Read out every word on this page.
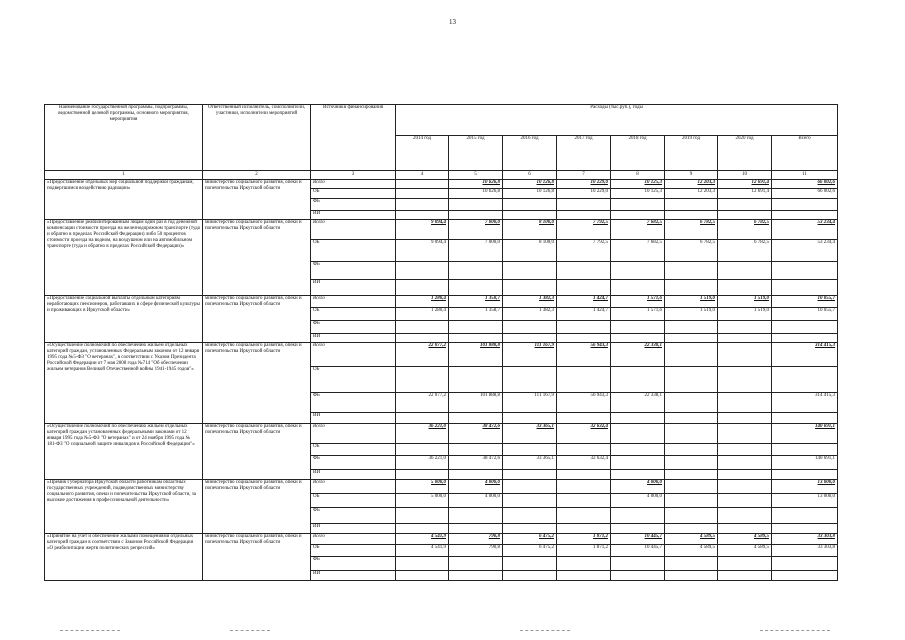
13
Наименование государственной программы, подпрограммы, ведомственной целевой программы, основного мероприятия, мероприятия	Ответственный исполнитель, соисполнители, участники, исполнители мероприятий	Источники финансирования	Расходы (тыс.руб.), годы							
			2014 год	2015 год	2016 год	2017 год	2018 год	2019 год	2020 год	Всего
1	2	3	4	5	6	7	8	9	10	11
«Предоставление отдельных мер социальной поддержки гражданам, подвергшимся воздействию радиации»	министерство социального развития, опеки и попечительства Иркутской области	Всего		10 626,8	10 126,8	10 229,0	10 125,3	12 203,3	12 691,4	66 002,6
		ОБ		10 626,8	10 126,8	10 229,0	10 125,3	12 203,3	12 691,4	66 002,6
		ФБ								
		ИИ								
«Предоставление реабилитированным лицам один раз в год денежной компенсации стоимости проезда на железнодорожном транспорте (туда и обратно в пределах Российской Федерации) либо 50 процентов стоимости проезда на водном, на воздушном или на автомобильном транспорте (туда и обратно в пределах Российской Федерации)»	министерство социального развития, опеки и попечительства Иркутской области	Всего	9 094,4	7 000,0	8 100,0	7 792,5	7 682,5	6 782,5	6 782,5	53 234,4
		ОБ	9 094,4	7 000,0	8 100,0	7 792,5	7 682,5	6 782,5	6 782,5	53 234,4
		ФБ								
		ИИ								
«Предоставление социальной выплаты отдельным категориям неработающих пенсионеров, работавших в сфере физической культуры и проживающих в Иркутской области»	министерство социального развития, опеки и попечительства Иркутской области	Всего	1 280,4	1 358,7	1 382,3	1 424,7	1 571,6	1 519,0	1 519,0	10 055,7
		ОБ	1 280,4	1 358,7	1 382,3	1 424,7	1 571,6	1 519,0	1 519,0	10 055,7
		ФБ								
		ИИ								
«Осуществление полномочий по обеспечению жильем отдельных категорий граждан, установленных Федеральным законом от 12 января 1995 года №5-ФЗ "О ветеранах", в соответствии с Указом Президента Российской Федерации от 7 мая 2008 года №714 "Об обеспечении жильем ветеранов Великой Отечественной войны 1941-1945 годов"»	министерство социального развития, опеки и попечительства Иркутской области	Всего	22 077,2	101 888,8	111 167,9	56 943,3	22 338,1			314 415,3
		ОБ								
		ФБ	22 077,2	101 888,8	111 167,9	56 943,3	22 338,1			314 415,3
		ИИ								
«Осуществление полномочий по обеспечению жильем отдельных категорий граждан установленных федеральными законами от 12 января 1995 года №5-ФЗ "О ветеранах" и от 24 ноября 1995 года № 181-ФЗ "О социальной защите инвалидов в Российской Федерации"»	министерство социального развития, опеки и попечительства Иркутской области	Всего	36 221,0	38 472,6	33 365,1	32 632,4				140 691,1
		ОБ								
		ФБ	36 221,0	38 472,6	33 365,1	32 632,4				140 691,1
		ИИ								
«Премия Губернатора Иркутской области работникам областных государственных учреждений, подведомственных министерству социального развития, опеки и попечительства Иркутской области, за высокие достижения в профессиональной деятельности»	министерство социального развития, опеки и попечительства Иркутской области	Всего	5 000,0	4 000,0			4 000,0			13 000,0
		ОБ	5 000,0	4 000,0			4 000,0			13 000,0
		ФБ								
		ИИ								
«Принятие на учет и обеспечение жилыми помещениями отдельных категорий граждан в соответствии с Законом Российской Федерации «О реабилитации жертв политических репрессий»	министерство социального развития, опеки и попечительства Иркутской области	Всего	4 541,9	790,8	6 475,2	1 871,2	10 445,7	4 589,5	4 589,5	33 303,8
		ОБ	4 541,9	790,8	6 475,2	1 871,2	10 445,7	4 589,5	4 589,5	33 303,8
		ФБ								
		ИИ								
